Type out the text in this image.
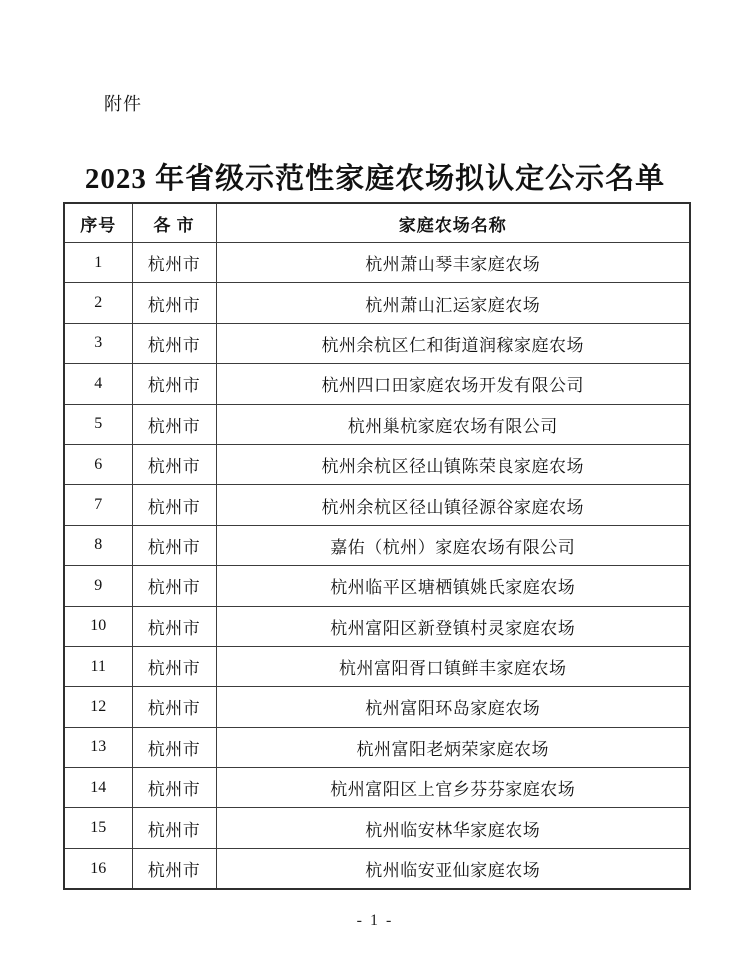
附件
2023 年省级示范性家庭农场拟认定公示名单
序号	各 市	家庭农场名称
1	杭州市	杭州萧山琴丰家庭农场
2	杭州市	杭州萧山汇运家庭农场
3	杭州市	杭州余杭区仁和街道润稼家庭农场
4	杭州市	杭州四口田家庭农场开发有限公司
5	杭州市	杭州巢杭家庭农场有限公司
6	杭州市	杭州余杭区径山镇陈荣良家庭农场
7	杭州市	杭州余杭区径山镇径源谷家庭农场
8	杭州市	嘉佑（杭州）家庭农场有限公司
9	杭州市	杭州临平区塘栖镇姚氏家庭农场
10	杭州市	杭州富阳区新登镇村灵家庭农场
11	杭州市	杭州富阳胥口镇鲜丰家庭农场
12	杭州市	杭州富阳环岛家庭农场
13	杭州市	杭州富阳老炳荣家庭农场
14	杭州市	杭州富阳区上官乡芬芬家庭农场
15	杭州市	杭州临安林华家庭农场
16	杭州市	杭州临安亚仙家庭农场
- 1 -
